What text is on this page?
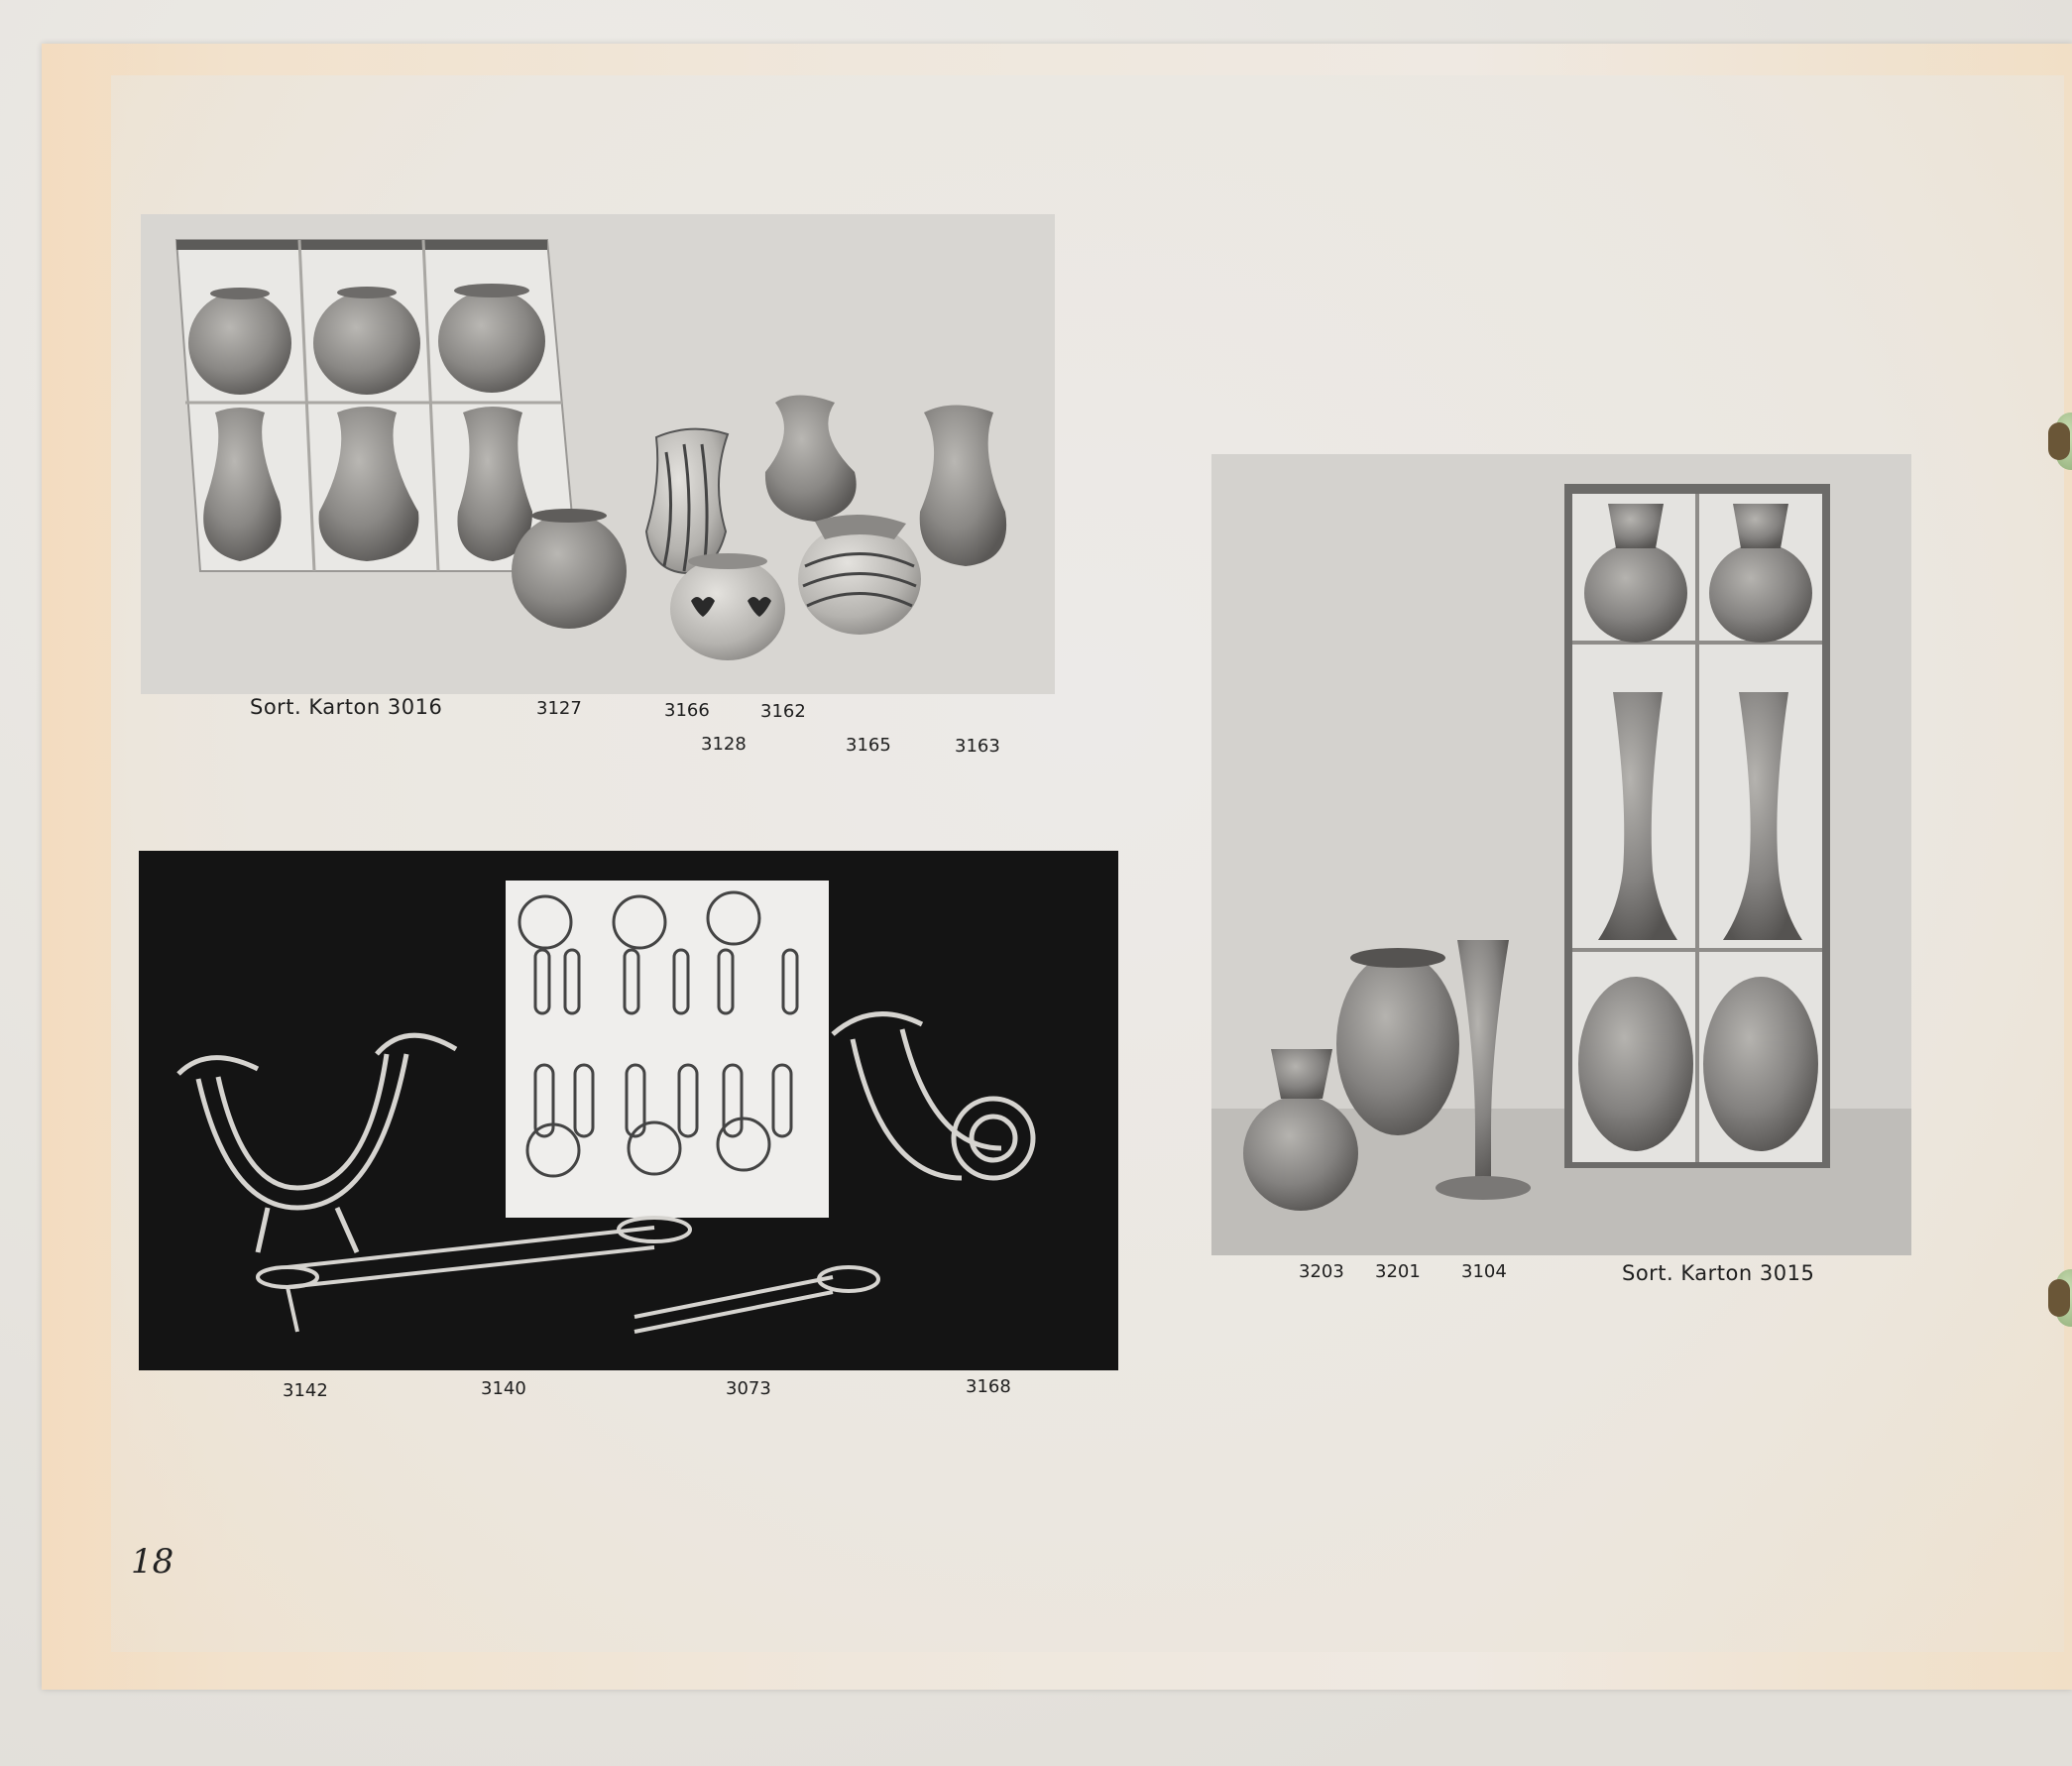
Sort. Karton 3016	3127	3166	3162
3128	3165	3163
3142	3140	3073	3168
3203 3201 3104	Sort. Karton 3015
18
